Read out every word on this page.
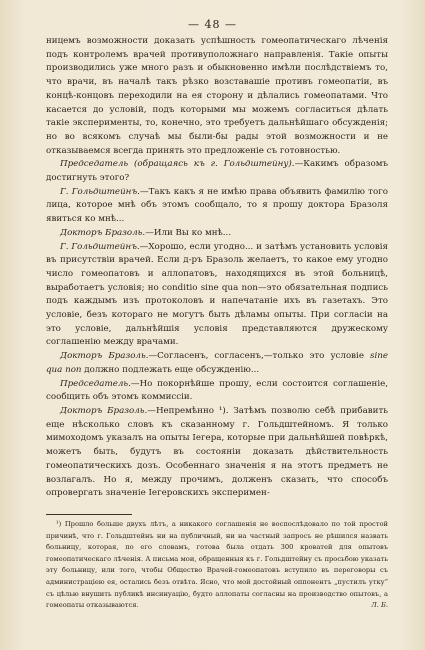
— 48 —

ницемъ возможности доказать успѣшность гомеопатическаго лѣченія подъ контролемъ врачей противуположнаго направленія. Такіе опыты производились уже много разъ и обыкновенно имѣли послѣдствіемъ то, что врачи, въ началѣ такъ рѣзко возставашіе противъ гомеопатіи, въ концѣ-концовъ переходили на ея сторону и дѣлались гомеопатами. Что касается до условій, подъ которыми мы можемъ согласиться дѣлать такіе эксперименты, то, конечно, это требуетъ дальнѣйшаго обсужденія; но во всякомъ случаѣ мы были-бы рады этой возможности и не отказываемся всегда принять это предложеніе съ готовностью.

Председатель (обращаясь къ г. Гольдштейну).—Какимъ образомъ достигнуть этого?

Г. Гольдштейнъ.—Такъ какъ я не имѣю права объявить фамилію того лица, которое мнѣ объ этомъ сообщало, то я прошу доктора Бразоля явиться ко мнѣ...

Докторъ Бразоль.—Или Вы ко мнѣ...

Г. Гольдштейнъ.—Хорошо, если угодно... и затѣмъ установить условія въ присутствіи врачей. Если д-ръ Бразоль желаетъ, то какое ему угодно число гомеопатовъ и аллопатовъ, находящихся въ этой больницѣ, выработаетъ условія; но conditio sine qua non—это обязательная подпись подъ каждымъ изъ протоколовъ и напечатаніе ихъ въ газетахъ. Это условіе, безъ котораго не могутъ быть дѣламы опыты. При согласіи на это условіе, дальнѣйшія условія представляются дружескому соглашенію между врачами.

Докторъ Бразоль.—Согласенъ, согласенъ,—только это условіе sine qua non должно подлежать еще обсужденію...

Председатель.—Но покорнѣйше прошу, если состоится соглашеніе, сообщить объ этомъ коммиссіи.

Докторъ Бразоль.—Непремѣнно ¹). Затѣмъ позволю себѣ прибавить еще нѣсколько словъ къ сказанному г. Гольдштейномъ. Я только мимоходомъ указалъ на опыты Іегера, которые при дальнѣйшей повѣркѣ, можетъ быть, будутъ въ состояніи доказать дѣйствительность гомеопатическихъ дозъ. Особеннаго значенія я на этотъ предметъ не возлагалъ. Но я, между прочимъ, долженъ сказать, что способъ опровергать значеніе Іегеровскихъ эксперимен-

¹) Прошло больше двухъ лѣтъ, а никакого соглашенія не воспослѣдовало по той простой причинѣ, что г. Гольдштейнъ ни на публичный, ни на частный запросъ не рѣшился назвать больницу, которая, по его словамъ, готова была отдать 300 кроватей для опытовъ гомеопатическаго лѣченія. А письма мои, обращенныя къ г. Гольдштейну съ просьбою указать эту больницу, или того, чтобы Общество Врачей-гомеопатовъ вступило въ переговоры съ администраціею ея, остались безъ отвѣта. Ясно, что мой достойный оппонентъ „пустилъ утку“ съ цѣлью внушить публикѣ инсинуацію, будто аллопаты согласны на производство опытовъ, а гомеопаты отказываются.	Л. Б.
